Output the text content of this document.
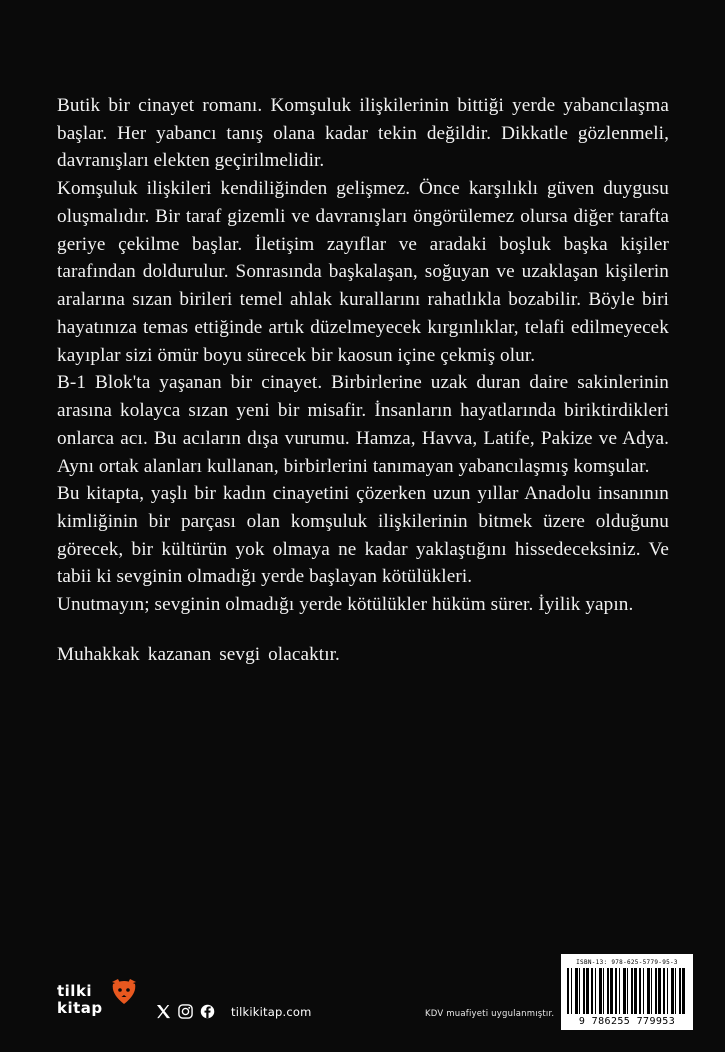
Butik bir cinayet romanı. Komşuluk ilişkilerinin bittiği yerde yabancılaşma başlar. Her yabancı tanış olana kadar tekin değildir. Dikkatle gözlenmeli, davranışları elekten geçirilmelidir.

Komşuluk ilişkileri kendiliğinden gelişmez. Önce karşılıklı güven duygusu oluşmalıdır. Bir taraf gizemli ve davranışları öngörülemez olursa diğer tarafta geriye çekilme başlar. İletişim zayıflar ve aradaki boşluk başka kişiler tarafından doldurulur. Sonrasında başkalaşan, soğuyan ve uzaklaşan kişilerin aralarına sızan birileri temel ahlak kurallarını rahatlıkla bozabilir. Böyle biri hayatınıza temas ettiğinde artık düzelmeyecek kırgınlıklar, telafi edilmeyecek kayıplar sizi ömür boyu sürecek bir kaosun içine çekmiş olur.

B-1 Blok'ta yaşanan bir cinayet. Birbirlerine uzak duran daire sakinlerinin arasına kolayca sızan yeni bir misafir. İnsanların hayatlarında biriktirdikleri onlarca acı. Bu acıların dışa vurumu. Hamza, Havva, Latife, Pakize ve Adya. Aynı ortak alanları kullanan, birbirlerini tanımayan yabancılaşmış komşular.

Bu kitapta, yaşlı bir kadın cinayetini çözerken uzun yıllar Anadolu insanının kimliğinin bir parçası olan komşuluk ilişkilerinin bitmek üzere olduğunu görecek, bir kültürün yok olmaya ne kadar yaklaştığını hissedeceksiniz. Ve tabii ki sevginin olmadığı yerde başlayan kötülükleri.

Unutmayın; sevginin olmadığı yerde kötülükler hüküm sürer. İyilik yapın.

Muhakkak kazanan sevgi olacaktır.

tilki
kitap	tilkikitap.com	KDV muafiyeti uygulanmıştır.
ISBN-13: 978-625-5779-95-3
9 786255 779953
